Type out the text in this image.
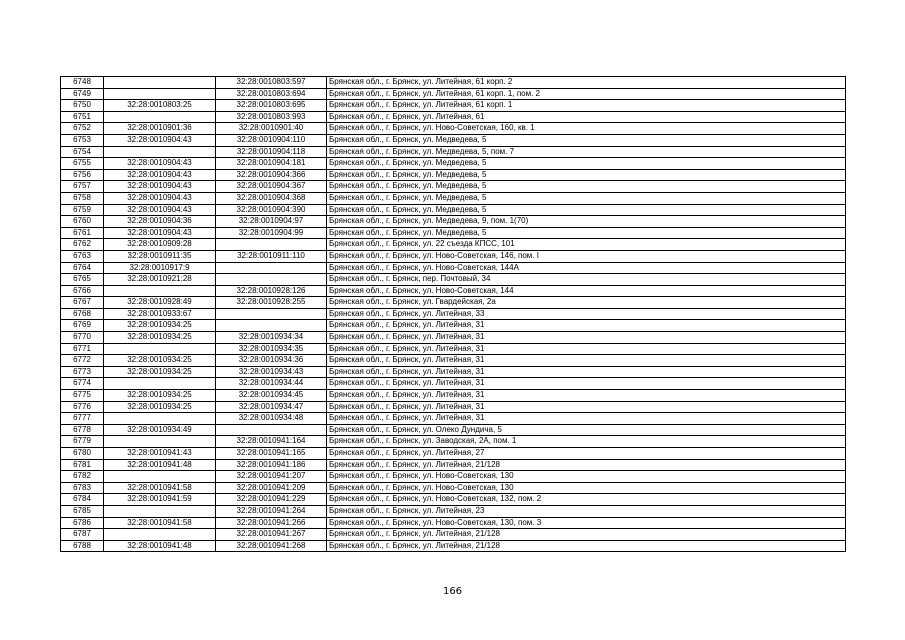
6748		32:28:0010803:597	Брянская обл., г. Брянск, ул. Литейная, 61 корп. 2
6749		32:28:0010803:694	Брянская обл., г. Брянск, ул. Литейная, 61 корп. 1, пом. 2
6750	32:28:0010803:25	32:28:0010803:695	Брянская обл., г. Брянск, ул. Литейная, 61 корп. 1
6751		32:28:0010803:993	Брянская обл., г. Брянск, ул. Литейная, 61
6752	32:28:0010901:36	32:28:0010901:40	Брянская обл., г. Брянск, ул. Ново-Советская, 160, кв. 1
6753	32:28:0010904:43	32:28:0010904:110	Брянская обл., г. Брянск, ул. Медведева, 5
6754		32:28:0010904:118	Брянская обл., г. Брянск, ул. Медведева, 5, пом. 7
6755	32:28:0010904:43	32:28:0010904:181	Брянская обл., г. Брянск, ул. Медведева, 5
6756	32:28:0010904:43	32:28:0010904:366	Брянская обл., г. Брянск, ул. Медведева, 5
6757	32:28:0010904:43	32:28:0010904:367	Брянская обл., г. Брянск, ул. Медведева, 5
6758	32:28:0010904:43	32:28:0010904:368	Брянская обл., г. Брянск, ул. Медведева, 5
6759	32:28:0010904:43	32:28:0010904:390	Брянская обл., г. Брянск, ул. Медведева, 5
6760	32:28:0010904:36	32:28:0010904:97	Брянская обл., г. Брянск, ул. Медведева, 9, пом. 1(70)
6761	32:28:0010904:43	32:28:0010904:99	Брянская обл., г. Брянск, ул. Медведева, 5
6762	32:28:0010909:28		Брянская обл., г. Брянск, ул. 22 съезда КПСС, 101
6763	32:28:0010911:35	32:28:0010911:110	Брянская обл., г. Брянск, ул. Ново-Советская, 146, пом. I
6764	32:28:0010917:9		Брянская обл., г. Брянск, ул. Ново-Советская, 144А
6765	32:28:0010921:28		Брянская обл., г. Брянск, пер. Почтовый, 34
6766		32:28:0010928:126	Брянская обл., г. Брянск, ул. Ново-Советская, 144
6767	32:28:0010928:49	32:28:0010928:255	Брянская обл., г. Брянск, ул. Гвардейская, 2а
6768	32:28:0010933:67		Брянская обл., г. Брянск, ул. Литейная, 33
6769	32:28:0010934:25		Брянская обл., г. Брянск, ул. Литейная, 31
6770	32:28:0010934:25	32:28:0010934:34	Брянская обл., г. Брянск, ул. Литейная, 31
6771		32:28:0010934:35	Брянская обл., г. Брянск, ул. Литейная, 31
6772	32:28:0010934:25	32:28:0010934:36	Брянская обл., г. Брянск, ул. Литейная, 31
6773	32:28:0010934:25	32:28:0010934:43	Брянская обл., г. Брянск, ул. Литейная, 31
6774		32:28:0010934:44	Брянская обл., г. Брянск, ул. Литейная, 31
6775	32:28:0010934:25	32:28:0010934:45	Брянская обл., г. Брянск, ул. Литейная, 31
6776	32:28:0010934:25	32:28:0010934:47	Брянская обл., г. Брянск, ул. Литейная, 31
6777		32:28:0010934:48	Брянская обл., г. Брянск, ул. Литейная, 31
6778	32:28:0010934:49		Брянская обл., г. Брянск, ул. Олеко Дундича, 5
6779		32:28:0010941:164	Брянская обл., г. Брянск, ул. Заводская, 2А, пом. 1
6780	32:28:0010941:43	32:28:0010941:165	Брянская обл., г. Брянск, ул. Литейная, 27
6781	32:28:0010941:48	32:28:0010941:186	Брянская обл., г. Брянск, ул. Литейная, 21/128
6782		32:28:0010941:207	Брянская обл., г. Брянск, ул. Ново-Советская, 130
6783	32:28:0010941:58	32:28:0010941:209	Брянская обл., г. Брянск, ул. Ново-Советская, 130
6784	32:28:0010941:59	32:28:0010941:229	Брянская обл., г. Брянск, ул. Ново-Советская, 132, пом. 2
6785		32:28:0010941:264	Брянская обл., г. Брянск, ул. Литейная, 23
6786	32:28:0010941:58	32:28:0010941:266	Брянская обл., г. Брянск, ул. Ново-Советская, 130, пом. 3
6787		32:28:0010941:267	Брянская обл., г. Брянск, ул. Литейная, 21/128
6788	32:28:0010941:48	32:28:0010941:268	Брянская обл., г. Брянск, ул. Литейная, 21/128
166
